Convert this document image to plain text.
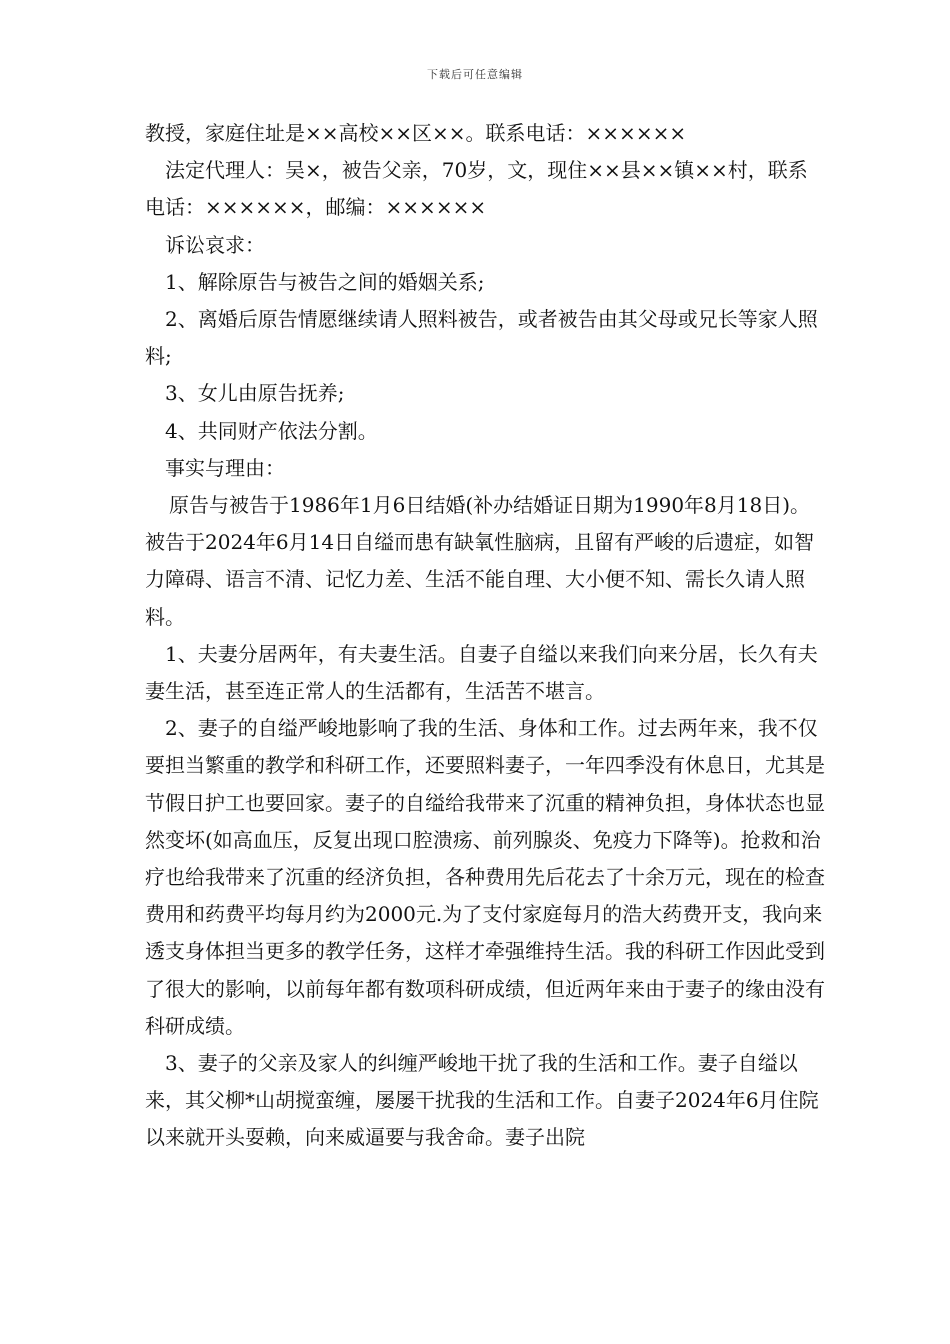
下载后可任意编辑

教授，家庭住址是××高校××区××。联系电话：××××××

法定代理人：吴×，被告父亲，70岁，文，现住××县××镇××村，联系电话：××××××，邮编：××××××

诉讼哀求：

1、解除原告与被告之间的婚姻关系;

2、离婚后原告情愿继续请人照料被告，或者被告由其父母或兄长等家人照料;

3、女儿由原告抚养;

4、共同财产依法分割。

事实与理由：

原告与被告于1986年1月6日结婚(补办结婚证日期为1990年8月18日)。被告于2024年6月14日自缢而患有缺氧性脑病，且留有严峻的后遗症，如智力障碍、语言不清、记忆力差、生活不能自理、大小便不知、需长久请人照料。

1、夫妻分居两年，有夫妻生活。自妻子自缢以来我们向来分居，长久有夫妻生活，甚至连正常人的生活都有，生活苦不堪言。

2、妻子的自缢严峻地影响了我的生活、身体和工作。过去两年来，我不仅要担当繁重的教学和科研工作，还要照料妻子，一年四季没有休息日，尤其是节假日护工也要回家。妻子的自缢给我带来了沉重的精神负担，身体状态也显然变坏(如高血压，反复出现口腔溃疡、前列腺炎、免疫力下降等)。抢救和治疗也给我带来了沉重的经济负担，各种费用先后花去了十余万元，现在的检查费用和药费平均每月约为2000元.为了支付家庭每月的浩大药费开支，我向来透支身体担当更多的教学任务，这样才牵强维持生活。我的科研工作因此受到了很大的影响，以前每年都有数项科研成绩，但近两年来由于妻子的缘由没有科研成绩。

3、妻子的父亲及家人的纠缠严峻地干扰了我的生活和工作。妻子自缢以来，其父柳*山胡搅蛮缠，屡屡干扰我的生活和工作。自妻子2024年6月住院以来就开头耍赖，向来威逼要与我舍命。妻子出院
